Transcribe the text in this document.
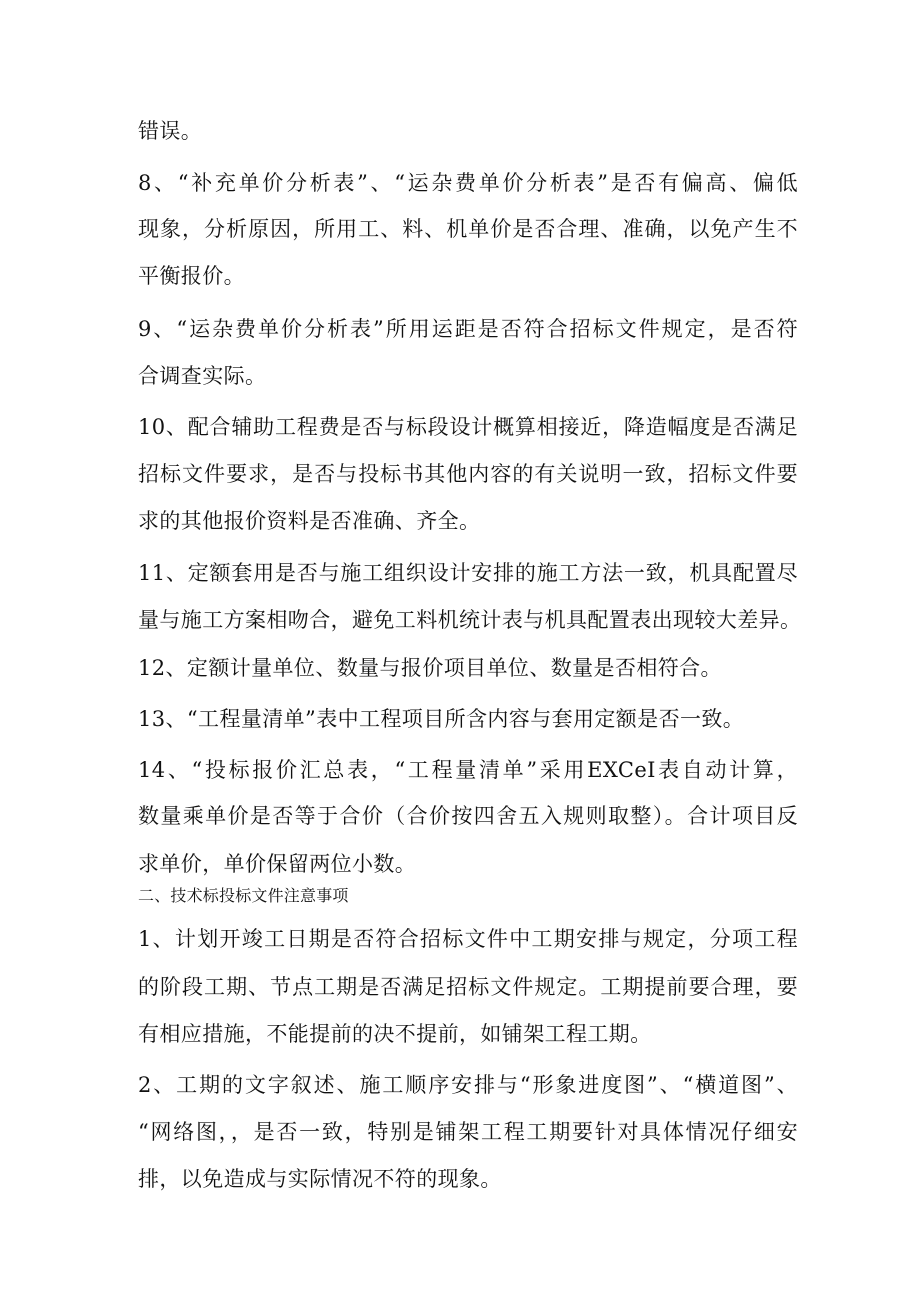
错误。
8、“补充单价分析表”、“运杂费单价分析表”是否有偏高、偏低
现象，分析原因，所用工、料、机单价是否合理、准确，以免产生不
平衡报价。
9、“运杂费单价分析表”所用运距是否符合招标文件规定，是否符
合调查实际。
10、配合辅助工程费是否与标段设计概算相接近，降造幅度是否满足
招标文件要求，是否与投标书其他内容的有关说明一致，招标文件要
求的其他报价资料是否准确、齐全。
11、定额套用是否与施工组织设计安排的施工方法一致，机具配置尽
量与施工方案相吻合，避免工料机统计表与机具配置表出现较大差异。
12、定额计量单位、数量与报价项目单位、数量是否相符合。
13、“工程量清单”表中工程项目所含内容与套用定额是否一致。
14、“投标报价汇总表，“工程量清单”采用EXCeI表自动计算，
数量乘单价是否等于合价（合价按四舍五入规则取整）。合计项目反
求单价，单价保留两位小数。
二、技术标投标文件注意事项
1、计划开竣工日期是否符合招标文件中工期安排与规定，分项工程
的阶段工期、节点工期是否满足招标文件规定。工期提前要合理，要
有相应措施，不能提前的决不提前，如铺架工程工期。
2、工期的文字叙述、施工顺序安排与“形象进度图”、“横道图”、
“网络图，，是否一致，特别是铺架工程工期要针对具体情况仔细安
排，以免造成与实际情况不符的现象。
